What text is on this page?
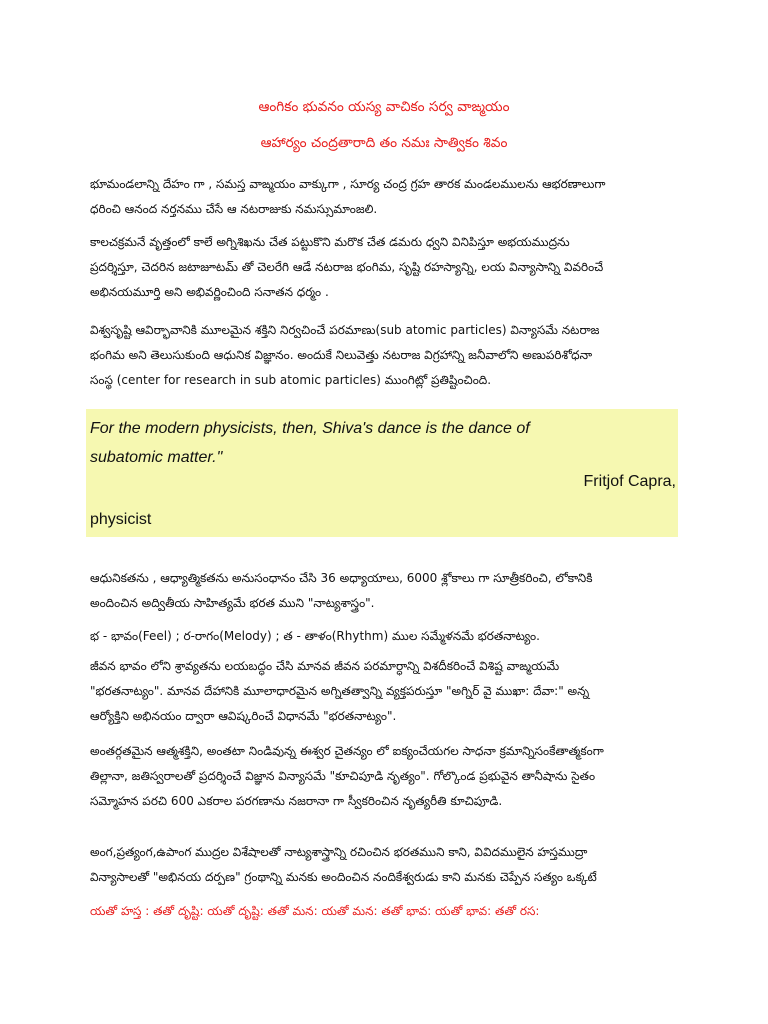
ఆంగికం భువనం యస్య వాచికం సర్వ వాఙ్మయం
ఆహార్యం చంద్రతారాది తం నమః సాత్వికం శివం
భూమండలాన్ని దేహం గా , సమస్త వాఙ్మయం వాక్కుగా , సూర్య చంద్ర గ్రహ తారక మండలములను ఆభరణాలుగా
ధరించి ఆనంద నర్తనము చేసే ఆ నటరాజుకు నమస్సుమాంజలి.
కాలచక్రమనే వృత్తంలో కాలే అగ్నిశిఖను చేత పట్టుకొని మరొక చేత డమరు ధ్వని వినిపిస్తూ అభయముద్రను
ప్రదర్శిస్తూ, చెదరిన జటాజూటమ్ తో చెలరేగి ఆడే నటరాజ భంగిమ, సృష్టి రహస్యాన్ని, లయ విన్యాసాన్ని వివరించే
అభినయమూర్తి అని అభివర్ణించింది సనాతన ధర్మం .
విశ్వసృష్టి ఆవిర్భావానికి మూలమైన శక్తిని నిర్వచించే పరమాణు(sub atomic particles) విన్యాసమే నటరాజ
భంగిమ అని తెలుసుకుంది ఆధునిక విజ్ఞానం. అందుకే నిలువెత్తు నటరాజ విగ్రహాన్ని జనీవాలోని అణుపరిశోధనా
సంస్థ (center for research in sub atomic particles) ముంగిట్లో ప్రతిష్టించింది.
For the modern physicists, then, Shiva's dance is the dance of
subatomic matter."
Fritjof Capra,
physicist
ఆధునికతను , ఆధ్యాత్మికతను అనుసంధానం చేసి 36 అధ్యాయాలు, 6000 శ్లోకాలు గా సూత్రీకరించి, లోకానికి
అందించిన అద్వితీయ సాహిత్యమే భరత ముని "నాట్యశాస్త్రం".
భ - భావం(Feel) ; ర-రాగం(Melody) ; త - తాళం(Rhythm) ముల సమ్మేళనమే భరతనాట్యం.
జీవన భావం లోని శ్రావ్యతను లయబద్ధం చేసి మానవ జీవన పరమార్ధాన్ని విశదీకరించే విశిష్ట వాఙ్మయమే
"భరతనాట్యం". మానవ దేహానికి మూలాధారమైన అగ్నితత్వాన్ని వ్యక్తపరుస్తూ "అగ్నిర్ వై ముఖా: దేవా:" అన్న
ఆర్యోక్తిని అభినయం ద్వారా ఆవిష్కరించే విధానమే "భరతనాట్యం".
అంతర్గతమైన ఆత్మశక్తిని, అంతటా నిండివున్న ఈశ్వర చైతన్యం లో ఐక్యంచేయగల సాధనా క్రమాన్నిసంకేతాత్మకంగా
తిల్లానా, జతిస్వరాలతో ప్రదర్శించే విజ్ఞాన విన్యాసమే "కూచిపూడి నృత్యం". గోల్కొండ ప్రభువైన తానీషాను సైతం
సమ్మోహన పరచి 600 ఎకరాల పరగణాను నజరానా గా స్వీకరించిన నృత్యరీతి కూచిపూడి.
అంగ,ప్రత్యంగ,ఉపాంగ ముద్రల విశేషాలతో నాట్యశాస్త్రాన్ని రచించిన భరతముని కాని, వివిదములైన హస్తముద్రా
విన్యాసాలతో "అభినయ దర్పణ" గ్రంథాన్ని మనకు అందించిన నందికేశ్వరుడు కాని మనకు చెప్పేన సత్యం ఒక్కటే
యతో హస్త : తతో దృష్టి: యతో దృష్టి: తతో మన: యతో మన: తతో భావ: యతో భావ: తతో రస:
